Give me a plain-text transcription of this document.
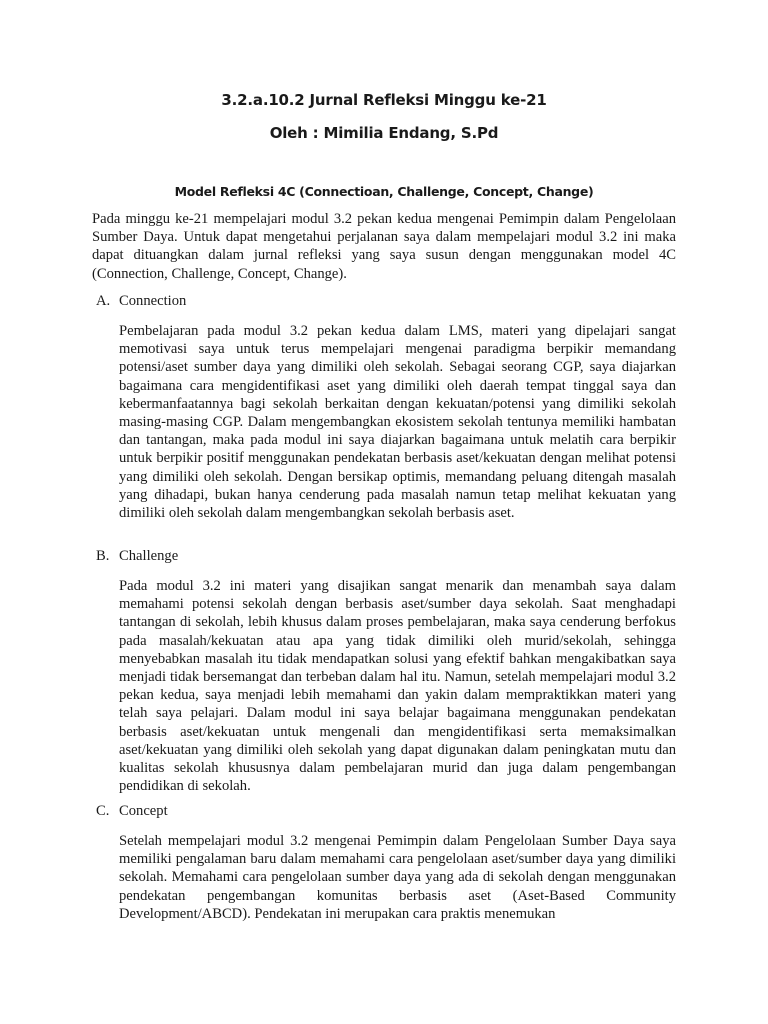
3.2.a.10.2 Jurnal Refleksi Minggu ke-21
Oleh : Mimilia Endang, S.Pd
Model Refleksi 4C (Connectioan, Challenge, Concept, Change)

Pada minggu ke-21 mempelajari modul 3.2 pekan kedua mengenai Pemimpin dalam Pengelolaan Sumber Daya. Untuk dapat mengetahui perjalanan saya dalam mempelajari modul 3.2 ini maka dapat dituangkan dalam jurnal refleksi yang saya susun dengan menggunakan model 4C (Connection, Challenge, Concept, Change).

A. Connection

Pembelajaran pada modul 3.2 pekan kedua dalam LMS, materi yang dipelajari sangat memotivasi saya untuk terus mempelajari mengenai paradigma berpikir memandang potensi/aset sumber daya yang dimiliki oleh sekolah. Sebagai seorang CGP, saya diajarkan bagaimana cara mengidentifikasi aset yang dimiliki oleh daerah tempat tinggal saya dan kebermanfaatannya bagi sekolah berkaitan dengan kekuatan/potensi yang dimiliki sekolah masing-masing CGP. Dalam mengembangkan ekosistem sekolah tentunya memiliki hambatan dan tantangan, maka pada modul ini saya diajarkan bagaimana untuk melatih cara berpikir untuk berpikir positif menggunakan pendekatan berbasis aset/kekuatan dengan melihat potensi yang dimiliki oleh sekolah. Dengan bersikap optimis, memandang peluang ditengah masalah yang dihadapi, bukan hanya cenderung pada masalah namun tetap melihat kekuatan yang dimiliki oleh sekolah dalam mengembangkan sekolah berbasis aset.

B. Challenge

Pada modul 3.2 ini materi yang disajikan sangat menarik dan menambah saya dalam memahami potensi sekolah dengan berbasis aset/sumber daya sekolah. Saat menghadapi tantangan di sekolah, lebih khusus dalam proses pembelajaran, maka saya cenderung berfokus pada masalah/kekuatan atau apa yang tidak dimiliki oleh murid/sekolah, sehingga menyebabkan masalah itu tidak mendapatkan solusi yang efektif bahkan mengakibatkan saya menjadi tidak bersemangat dan terbeban dalam hal itu. Namun, setelah mempelajari modul 3.2 pekan kedua, saya menjadi lebih memahami dan yakin dalam mempraktikkan materi yang telah saya pelajari. Dalam modul ini saya belajar bagaimana menggunakan pendekatan berbasis aset/kekuatan untuk mengenali dan mengidentifikasi serta memaksimalkan aset/kekuatan yang dimiliki oleh sekolah yang dapat digunakan dalam peningkatan mutu dan kualitas sekolah khususnya dalam pembelajaran murid dan juga dalam pengembangan pendidikan di sekolah.

C. Concept

Setelah mempelajari modul 3.2 mengenai Pemimpin dalam Pengelolaan Sumber Daya saya memiliki pengalaman baru dalam memahami cara pengelolaan aset/sumber daya yang dimiliki sekolah. Memahami cara pengelolaan sumber daya yang ada di sekolah dengan menggunakan pendekatan pengembangan komunitas berbasis aset (Aset-Based Community Development/ABCD). Pendekatan ini merupakan cara praktis menemukan
